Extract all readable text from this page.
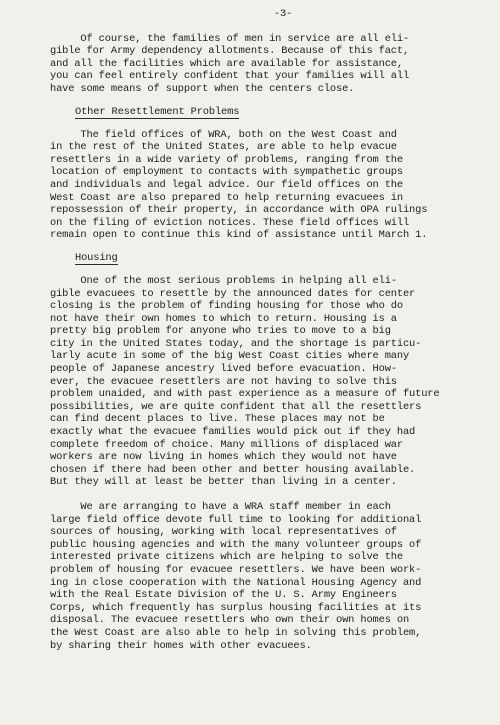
-3-
Of course, the families of men in service are all eli-
gible for Army dependency allotments. Because of this fact,
and all the facilities which are available for assistance,
you can feel entirely confident that your families will all
have some means of support when the centers close.
Other Resettlement Problems
The field offices of WRA, both on the West Coast and
in the rest of the United States, are able to help evacue
resettlers in a wide variety of problems, ranging from the
location of employment to contacts with sympathetic groups
and individuals and legal advice. Our field offices on the
West Coast are also prepared to help returning evacuees in
repossession of their property, in accordance with OPA rulings
on the filing of eviction notices. These field offices will
remain open to continue this kind of assistance until March 1.
Housing
One of the most serious problems in helping all eli-
gible evacuees to resettle by the announced dates for center
closing is the problem of finding housing for those who do
not have their own homes to which to return. Housing is a
pretty big problem for anyone who tries to move to a big
city in the United States today, and the shortage is particu-
larly acute in some of the big West Coast cities where many
people of Japanese ancestry lived before evacuation. How-
ever, the evacuee resettlers are not having to solve this
problem unaided, and with past experience as a measure of future
possibilities, we are quite confident that all the resettlers
can find decent places to live. These places may not be
exactly what the evacuee families would pick out if they had
complete freedom of choice. Many millions of displaced war
workers are now living in homes which they would not have
chosen if there had been other and better housing available.
But they will at least be better than living in a center.
We are arranging to have a WRA staff member in each
large field office devote full time to looking for additional
sources of housing, working with local representatives of
public housing agencies and with the many volunteer groups of
interested private citizens which are helping to solve the
problem of housing for evacuee resettlers. We have been work-
ing in close cooperation with the National Housing Agency and
with the Real Estate Division of the U. S. Army Engineers
Corps, which frequently has surplus housing facilities at its
disposal. The evacuee resettlers who own their own homes on
the West Coast are also able to help in solving this problem,
by sharing their homes with other evacuees.
